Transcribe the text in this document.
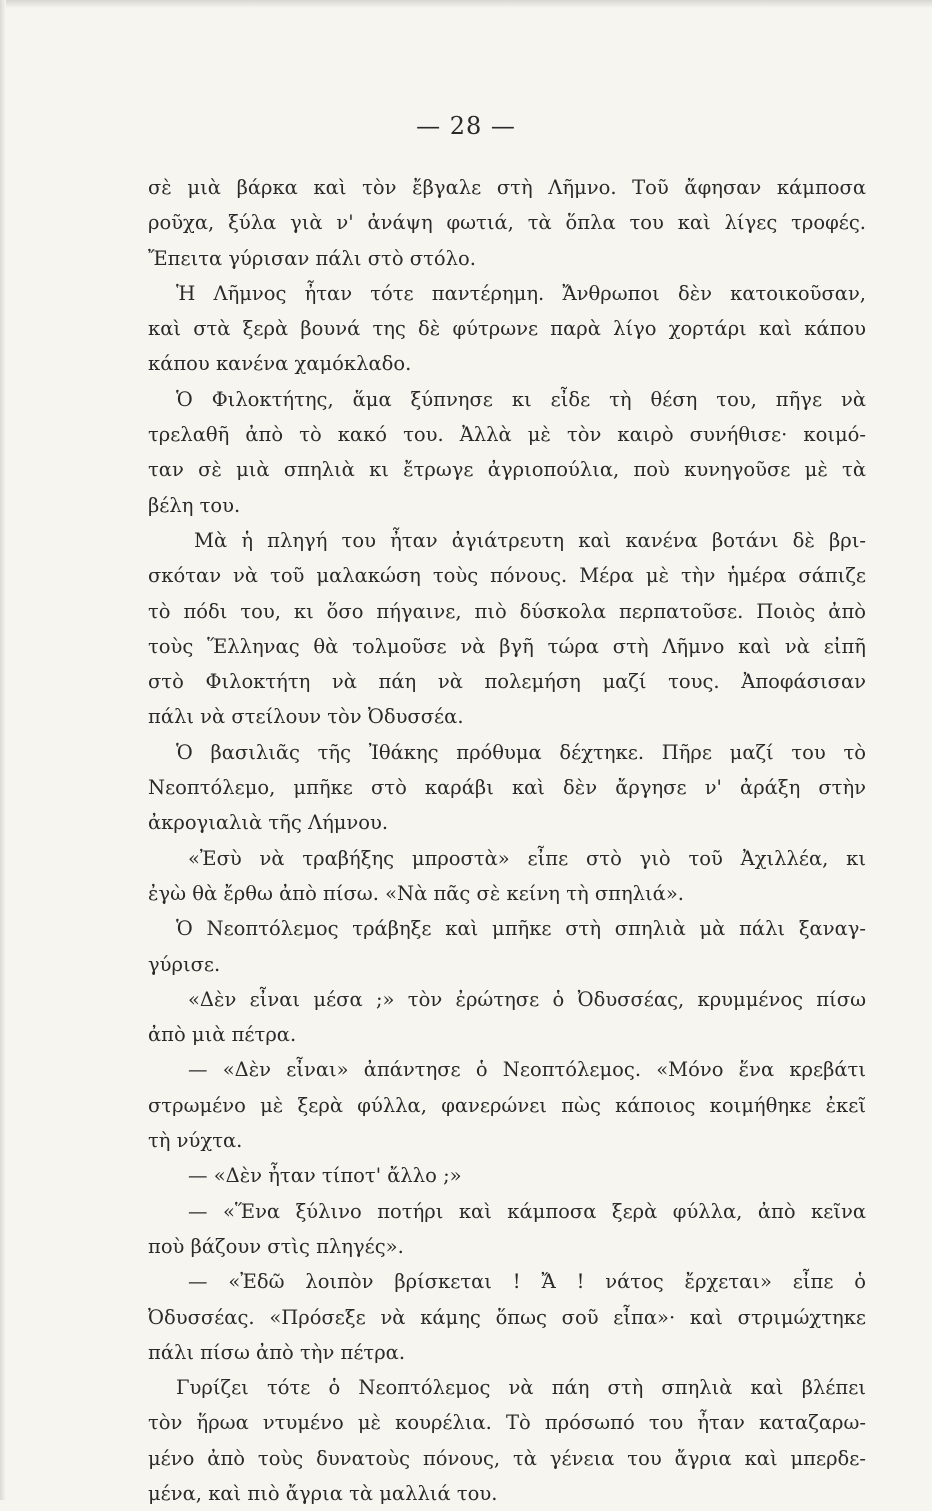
— 28 —
σὲ μιὰ βάρκα καὶ τὸν ἔβγαλε στὴ Λῆμνο. Τοῦ ἄφησαν κάμποσα
ροῦχα, ξύλα γιὰ ν' ἀνάψη φωτιά, τὰ ὅπλα του καὶ λίγες τροφές.
Ἔπειτα γύρισαν πάλι στὸ στόλο.
Ἡ Λῆμνος ἦταν τότε παντέρημη. Ἄνθρωποι δὲν κατοικοῦσαν,
καὶ στὰ ξερὰ βουνά της δὲ φύτρωνε παρὰ λίγο χορτάρι καὶ κάπου
κάπου κανένα χαμόκλαδο.
Ὁ Φιλοκτήτης, ἅμα ξύπνησε κι εἶδε τὴ θέση του, πῆγε νὰ
τρελαθῆ ἀπὸ τὸ κακό του. Ἀλλὰ μὲ τὸν καιρὸ συνήθισε· κοιμό-
ταν σὲ μιὰ σπηλιὰ κι ἔτρωγε ἀγριοπούλια, ποὺ κυνηγοῦσε μὲ τὰ
βέλη του.
Μὰ ἡ πληγή του ἦταν ἀγιάτρευτη καὶ κανένα βοτάνι δὲ βρι-
σκόταν νὰ τοῦ μαλακώση τοὺς πόνους. Μέρα μὲ τὴν ἡμέρα σάπιζε
τὸ πόδι του, κι ὅσο πήγαινε, πιὸ δύσκολα περπατοῦσε. Ποιὸς ἀπὸ
τοὺς Ἕλληνας θὰ τολμοῦσε νὰ βγῆ τώρα στὴ Λῆμνο καὶ νὰ εἰπῆ
στὸ Φιλοκτήτη νὰ πάη νὰ πολεμήση μαζί τους. Ἀποφάσισαν
πάλι νὰ στείλουν τὸν Ὀδυσσέα.
Ὁ βασιλιᾶς τῆς Ἰθάκης πρόθυμα δέχτηκε. Πῆρε μαζί του τὸ
Νεοπτόλεμο, μπῆκε στὸ καράβι καὶ δὲν ἄργησε ν' ἀράξη στὴν
ἀκρογιαλιὰ τῆς Λήμνου.
«Ἐσὺ νὰ τραβήξης μπροστὰ» εἶπε στὸ γιὸ τοῦ Ἀχιλλέα, κι
ἐγὼ θὰ ἔρθω ἀπὸ πίσω. «Νὰ πᾶς σὲ κείνη τὴ σπηλιά».
Ὁ Νεοπτόλεμος τράβηξε καὶ μπῆκε στὴ σπηλιὰ μὰ πάλι ξαναγ-
γύρισε.
«Δὲν εἶναι μέσα ;» τὸν ἐρώτησε ὁ Ὀδυσσέας, κρυμμένος πίσω
ἀπὸ μιὰ πέτρα.
— «Δὲν εἶναι» ἀπάντησε ὁ Νεοπτόλεμος. «Μόνο ἕνα κρεβάτι
στρωμένο μὲ ξερὰ φύλλα, φανερώνει πὼς κάποιος κοιμήθηκε ἐκεῖ
τὴ νύχτα.
— «Δὲν ἦταν τίποτ' ἄλλο ;»
— «Ἕνα ξύλινο ποτήρι καὶ κάμποσα ξερὰ φύλλα, ἀπὸ κεῖνα
ποὺ βάζουν στὶς πληγές».
— «Ἐδῶ λοιπὸν βρίσκεται ! Ἄ ! νάτος ἔρχεται» εἶπε ὁ
Ὀδυσσέας. «Πρόσεξε νὰ κάμης ὅπως σοῦ εἶπα»· καὶ στριμώχτηκε
πάλι πίσω ἀπὸ τὴν πέτρα.
Γυρίζει τότε ὁ Νεοπτόλεμος νὰ πάη στὴ σπηλιὰ καὶ βλέπει
τὸν ἥρωα ντυμένο μὲ κουρέλια. Τὸ πρόσωπό του ἦταν καταζαρω-
μένο ἀπὸ τοὺς δυνατοὺς πόνους, τὰ γένεια του ἄγρια καὶ μπερδε-
μένα, καὶ πιὸ ἄγρια τὰ μαλλιά του.
